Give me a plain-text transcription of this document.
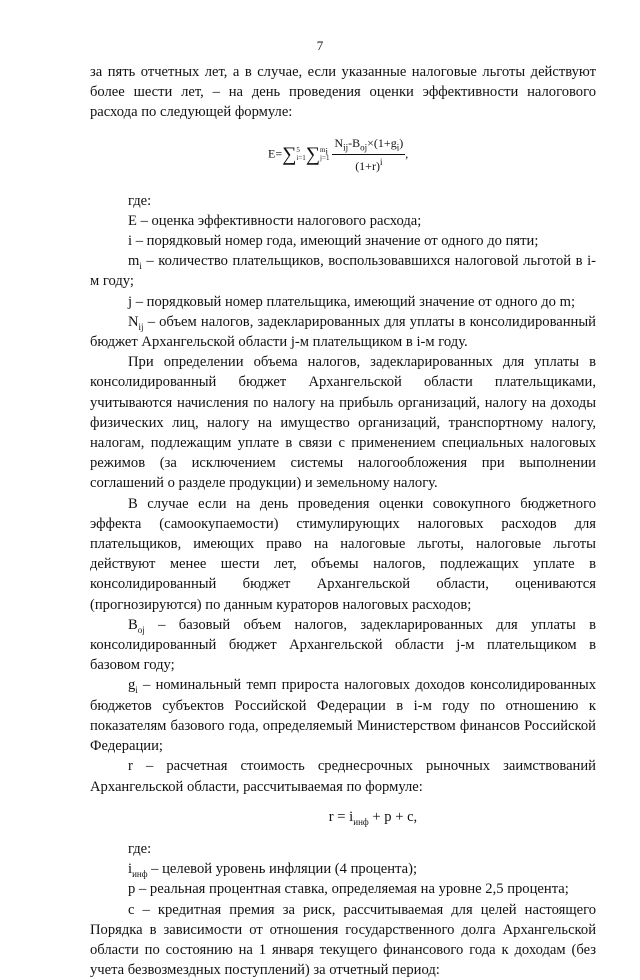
7

за пять отчетных лет, а в случае, если указанные налоговые льготы действуют более шести лет, – на день проведения оценки эффективности налогового расхода по следующей формуле:

E=∑5
$i=1\sum m_i$
$j=1 \frac{N_{ij}-B_{oj}\times(1+g_i)}{(1+r)^i}$ ,

где:

E – оценка эффективности налогового расхода;

i – порядковый номер года, имеющий значение от одного до пяти;

$m_i$ – количество плательщиков, воспользовавшихся налоговой льготой в i-м году;

j – порядковый номер плательщика, имеющий значение от одного до m;

$N_{ij}$ – объем налогов, задекларированных для уплаты в консолидированный бюджет Архангельской области j-м плательщиком в i-м году.

При определении объема налогов, задекларированных для уплаты в консолидированный бюджет Архангельской области плательщиками, учитываются начисления по налогу на прибыль организаций, налогу на доходы физических лиц, налогу на имущество организаций, транспортному налогу, налогам, подлежащим уплате в связи с применением специальных налоговых режимов (за исключением системы налогообложения при выполнении соглашений о разделе продукции) и земельному налогу.

В случае если на день проведения оценки совокупного бюджетного эффекта (самоокупаемости) стимулирующих налоговых расходов для плательщиков, имеющих право на налоговые льготы, налоговые льготы действуют менее шести лет, объемы налогов, подлежащих уплате в консолидированный бюджет Архангельской области, оцениваются (прогнозируются) по данным кураторов налоговых расходов;

$B_{oj}$ – базовый объем налогов, задекларированных для уплаты в консолидированный бюджет Архангельской области j-м плательщиком в базовом году;

$g_i$ – номинальный темп прироста налоговых доходов консолидированных бюджетов субъектов Российской Федерации в i-м году по отношению к показателям базового года, определяемый Министерством финансов Российской Федерации;

r – расчетная стоимость среднесрочных рыночных заимствований Архангельской области, рассчитываемая по формуле:

$r = i_{инф} + p + c$,

где:

$i_{инф}$ – целевой уровень инфляции (4 процента);

p – реальная процентная ставка, определяемая на уровне 2,5 процента;

c – кредитная премия за риск, рассчитываемая для целей настоящего Порядка в зависимости от отношения государственного долга Архангельской области по состоянию на 1 января текущего финансового года к доходам (без учета безвозмездных поступлений) за отчетный период:
